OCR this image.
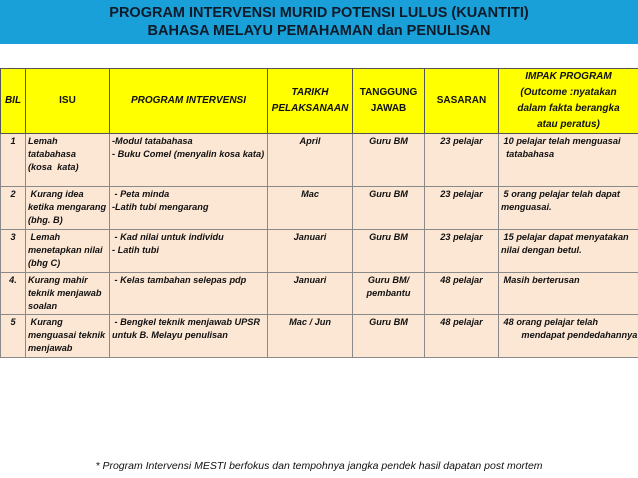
PROGRAM INTERVENSI MURID POTENSI LULUS (KUANTITI)
BAHASA MELAYU PEMAHAMAN dan PENULISAN
BIL	ISU	PROGRAM INTERVENSI	TARIKH
PELAKSANAAN	TANGGUNG
JAWAB	SASARAN	IMPAK PROGRAM
(Outcome :nyatakan
dalam fakta berangka
atau peratus)

1	Lemah
tatabahasa
(kosa  kata)	-Modul tatabahasa
- Buku Comel (menyalin kosa kata)	April	Guru BM	23 pelajar	10 pelajar telah menguasai
tatabahasa

2	Kurang idea
ketika mengarang
(bhg. B)	- Peta minda
-Latih tubi mengarang	Mac	Guru BM	23 pelajar	5 orang pelajar telah dapat
menguasai.

3	Lemah
menetapkan nilai
(bhg C)	- Kad nilai untuk individu
- Latih tubi	Januari	Guru BM	23 pelajar	15 pelajar dapat menyatakan
nilai dengan betul.

4.	Kurang mahir
teknik menjawab
soalan	- Kelas tambahan selepas pdp	Januari	Guru BM/
pembantu	48 pelajar	Masih berterusan

5	Kurang
menguasai teknik
menjawab	- Bengkel teknik menjawab UPSR
untuk B. Melayu penulisan	Mac / Jun	Guru BM	48 pelajar	48 orang pelajar telah
mendapat pendedahannya
* Program Intervensi MESTI berfokus dan tempohnya jangka pendek hasil dapatan post mortem
